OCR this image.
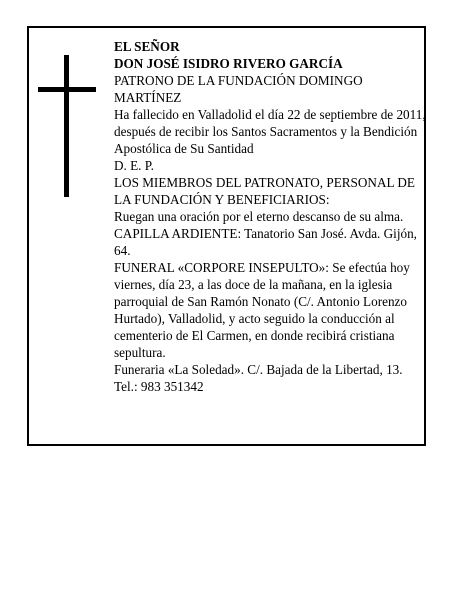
EL SEÑOR

DON JOSÉ ISIDRO RIVERO GARCÍA

PATRONO DE LA FUNDACIÓN DOMINGO MARTÍNEZ

Ha fallecido en Valladolid el día 22 de septiembre de 2011, después de recibir los Santos Sacramentos y la Bendición Apostólica de Su Santidad

D. E. P.

LOS MIEMBROS DEL PATRONATO, PERSONAL DE LA FUNDACIÓN Y BENEFICIARIOS:

Ruegan una oración por el eterno descanso de su alma.

CAPILLA ARDIENTE: Tanatorio San José. Avda. Gijón, 64.

FUNERAL «CORPORE INSEPULTO»: Se efectúa hoy viernes, día 23, a las doce de la mañana, en la iglesia parroquial de San Ramón Nonato (C/. Antonio Lorenzo Hurtado), Valladolid, y acto seguido la conducción al cementerio de El Carmen, en donde recibirá cristiana sepultura.

Funeraria «La Soledad». C/. Bajada de la Libertad, 13. Tel.: 983 351342
